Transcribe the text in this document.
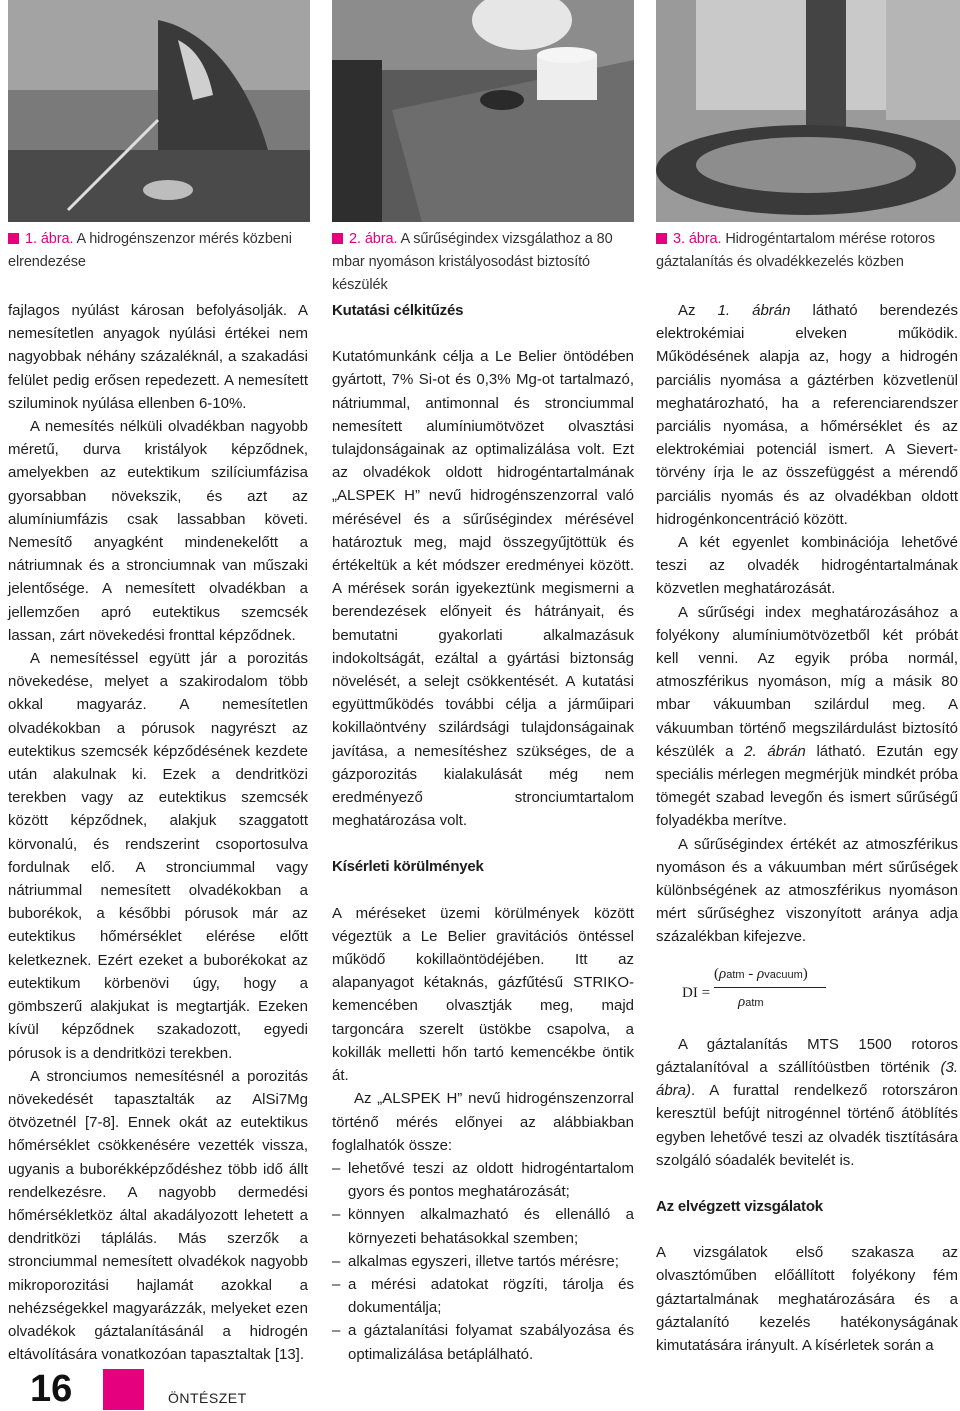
1. ábra. A hidrogénszenzor mérés közbeni elrendezése
2. ábra. A sűrűségindex vizsgálathoz a 80 mbar nyomáson kristályosodást biztosító készülék
3. ábra. Hidrogéntartalom mérése rotoros gáztalanítás és olvadékkezelés közben

fajlagos nyúlást károsan befolyásolják. A nemesítetlen anyagok nyúlási értékei nem nagyobbak néhány százaléknál, a szakadási felület pedig erősen repedezett. A nemesített sziluminok nyúlása ellenben 6-10%.

A nemesítés nélküli olvadékban nagyobb méretű, durva kristályok képződnek, amelyekben az eutektikum szilíciumfázisa gyorsabban növekszik, és azt az alumíniumfázis csak lassabban követi. Nemesítő anyagként mindenekelőtt a nátriumnak és a stronciumnak van műszaki jelentősége. A nemesített olvadékban a jellemzően apró eutektikus szemcsék lassan, zárt növekedési fronttal képződnek.

A nemesítéssel együtt jár a porozitás növekedése, melyet a szakirodalom több okkal magyaráz. A nemesítetlen olvadékokban a pórusok nagyrészt az eutektikus szemcsék képződésének kezdete után alakulnak ki. Ezek a dendritközi terekben vagy az eutektikus szemcsék között képződnek, alakjuk szaggatott körvonalú, és rendszerint csoportosulva fordulnak elő. A stronciummal vagy nátriummal nemesített olvadékokban a buborékok, a későbbi pórusok már az eutektikus hőmérséklet elérése előtt keletkeznek. Ezért ezeket a buborékokat az eutektikum körbenövi úgy, hogy a gömbszerű alakjukat is megtartják. Ezeken kívül képződnek szakadozott, egyedi pórusok is a dendritközi terekben.

A stronciumos nemesítésnél a porozitás növekedését tapasztalták az AlSi7Mg ötvözetnél [7-8]. Ennek okát az eutektikus hőmérséklet csökkenésére vezették vissza, ugyanis a buborékképződéshez több idő állt rendelkezésre. A nagyobb dermedési hőmérsékletköz által akadályozott lehetett a dendritközi táplálás. Más szerzők a stronciummal nemesített olvadékok nagyobb mikroporozitási hajlamát azokkal a nehézségekkel magyarázzák, melyeket ezen olvadékok gáztalanításánál a hidrogén eltávolítására vonatkozóan tapasztaltak [13].

Kutatási célkitűzés

Kutatómunkánk célja a Le Belier öntödében gyártott, 7% Si-ot és 0,3% Mg-ot tartalmazó, nátriummal, antimonnal és stronciummal nemesített alumíniumötvözet olvasztási tulajdonságainak az optimalizálása volt. Ezt az olvadékok oldott hidrogéntartalmának „ALSPEK H” nevű hidrogénszenzorral való mérésével és a sűrűségindex mérésével határoztuk meg, majd összegyűjtöttük és értékeltük a két módszer eredményei között. A mérések során igyekeztünk megismerni a berendezések előnyeit és hátrányait, és bemutatni gyakorlati alkalmazásuk indokoltságát, ezáltal a gyártási biztonság növelését, a selejt csökkentését. A kutatási együttműködés további célja a járműipari kokillaöntvény szilárdsági tulajdonságainak javítása, a nemesítéshez szükséges, de a gázporozitás kialakulását még nem eredményező stronciumtartalom meghatározása volt.

Kísérleti körülmények

A méréseket üzemi körülmények között végeztük a Le Belier gravitációs öntéssel működő kokillaöntödéjében. Itt az alapanyagot kétaknás, gázfűtésű STRIKO-kemencében olvasztják meg, majd targoncára szerelt üstökbe csapolva, a kokillák melletti hőn tartó kemencékbe öntik át.

Az „ALSPEK H” nevű hidrogénszenzorral történő mérés előnyei az alábbiakban foglalhatók össze:

– lehetővé teszi az oldott hidrogéntartalom gyors és pontos meghatározását;
– könnyen alkalmazható és ellenálló a környezeti behatásokkal szemben;
– alkalmas egyszeri, illetve tartós mérésre;
– a mérési adatokat rögzíti, tárolja és dokumentálja;
– a gáztalanítási folyamat szabályozása és optimalizálása betáplálható.

Az 1. ábrán látható berendezés elektrokémiai elveken működik. Működésének alapja az, hogy a hidrogén parciális nyomása a gáztérben közvetlenül meghatározható, ha a referenciarendszer parciális nyomása, a hőmérséklet és az elektrokémiai potenciál ismert. A Sievert-törvény írja le az összefüggést a mérendő parciális nyomás és az olvadékban oldott hidrogénkoncentráció között.

A két egyenlet kombinációja lehetővé teszi az olvadék hidrogéntartalmának közvetlen meghatározását.

A sűrűségi index meghatározásához a folyékony alumíniumötvözetből két próbát kell venni. Az egyik próba normál, atmoszférikus nyomáson, míg a másik 80 mbar vákuumban szilárdul meg. A vákuumban történő megszilárdulást biztosító készülék a 2. ábrán látható. Ezután egy speciális mérlegen megmérjük mindkét próba tömegét szabad levegőn és ismert sűrűségű folyadékba merítve.

A sűrűségindex értékét az atmoszférikus nyomáson és a vákuumban mért sűrűségek különbségének az atmoszférikus nyomáson mért sűrűséghez viszonyított aránya adja százalékban kifejezve.

DI =
(ρatm - ρvacuum)
ρatm

A gáztalanítás MTS 1500 rotoros gáztalanítóval a szállítóüstben történik (3. ábra). A furattal rendelkező rotorszáron keresztül befújt nitrogénnel történő átöblítés egyben lehetővé teszi az olvadék tisztítására szolgáló sóadalék bevitelét is.

Az elvégzett vizsgálatok

A vizsgálatok első szakasza az olvasztóműben előállított folyékony fém gáztartalmának meghatározására és a gáztalanító kezelés hatékonyságának kimutatására irányult. A kísérletek során a

16	ÖNTÉSZET
